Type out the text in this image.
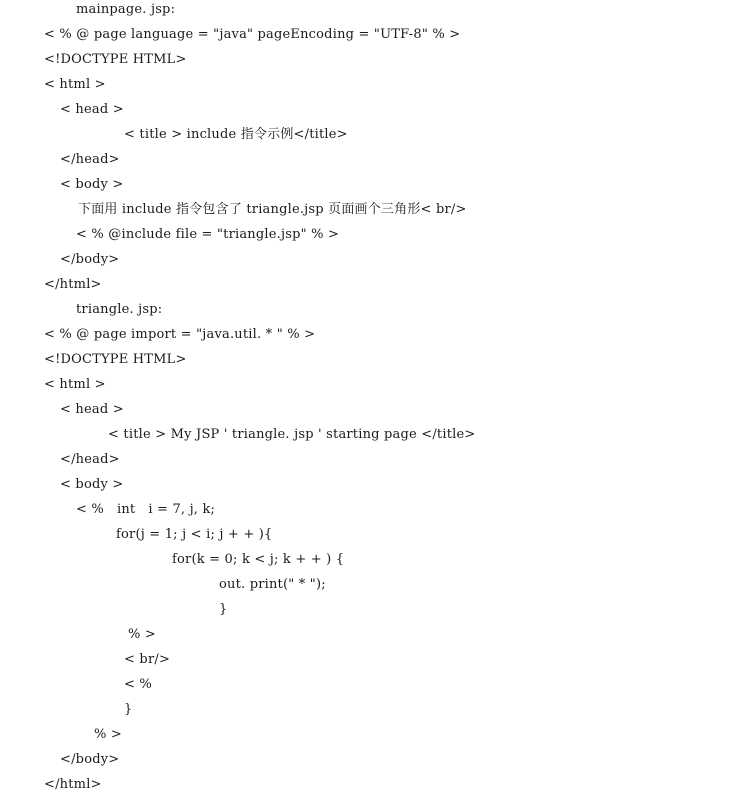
mainpage. jsp:
< % @ page language = "java" pageEncoding = "UTF-8" % >
<!DOCTYPE HTML>
< html >
< head >
< title > include 指令示例</title>
</head>
< body >
下面用 include 指令包含了 triangle.jsp 页面画个三角形< br/>
< % @include file = "triangle.jsp" % >
</body>
</html>
triangle. jsp:
< % @ page import = "java.util. * " % >
<!DOCTYPE HTML>
< html >
< head >
< title > My JSP ' triangle. jsp ' starting page </title>
</head>
< body >
< %   int   i = 7, j, k;
for(j = 1; j < i; j + + ){
for(k = 0; k < j; k + + ) {
out. print(" * ");
}
% >
< br/>
< %
}
% >
</body>
</html>
